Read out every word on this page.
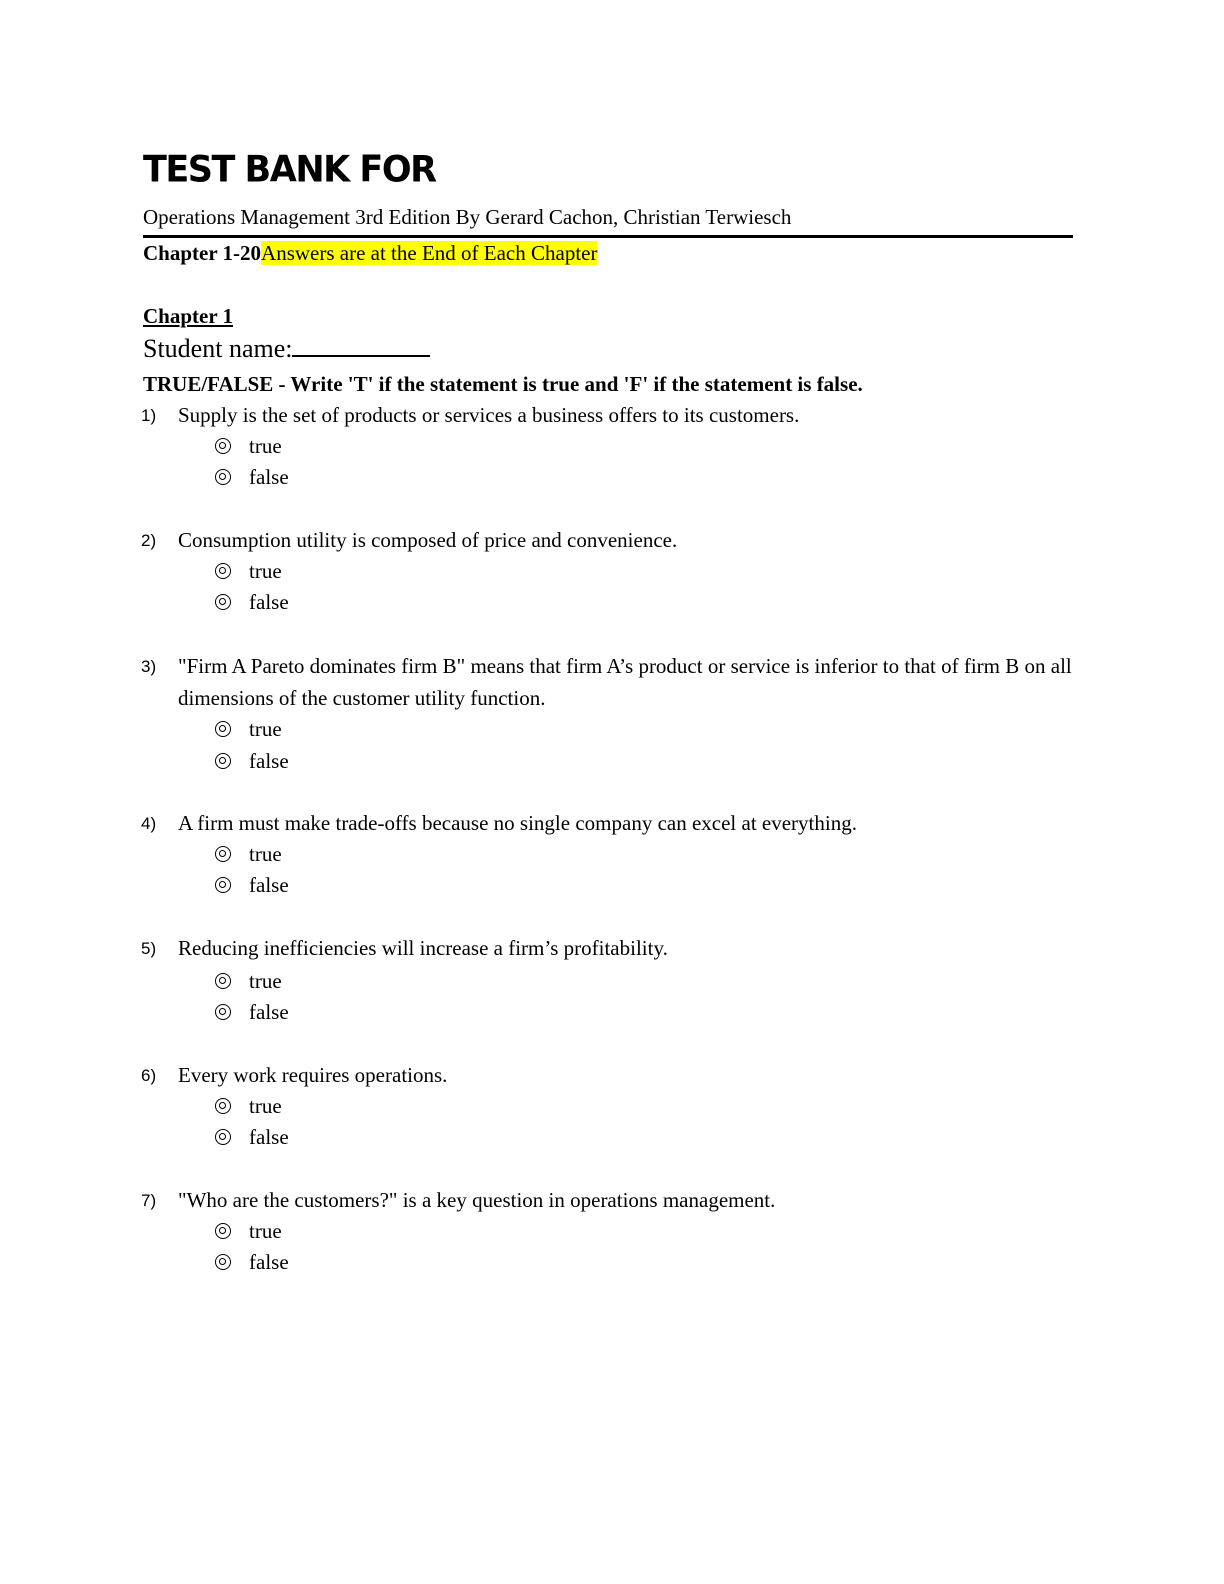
TEST BANK FOR
Operations Management 3rd Edition By Gerard Cachon, Christian Terwiesch
Chapter 1-20Answers are at the End of Each Chapter
Chapter 1
Student name:
TRUE/FALSE - Write 'T' if the statement is true and 'F' if the statement is false.
1) Supply is the set of products or services a business offers to its customers.
true
false
2) Consumption utility is composed of price and convenience.
true
false
3) "Firm A Pareto dominates firm B" means that firm A’s product or service is inferior to that of firm B on all dimensions of the customer utility function.
true
false
4) A firm must make trade-offs because no single company can excel at everything.
true
false
5) Reducing inefficiencies will increase a firm’s profitability.
true
false
6) Every work requires operations.
true
false
7) "Who are the customers?" is a key question in operations management.
true
false
